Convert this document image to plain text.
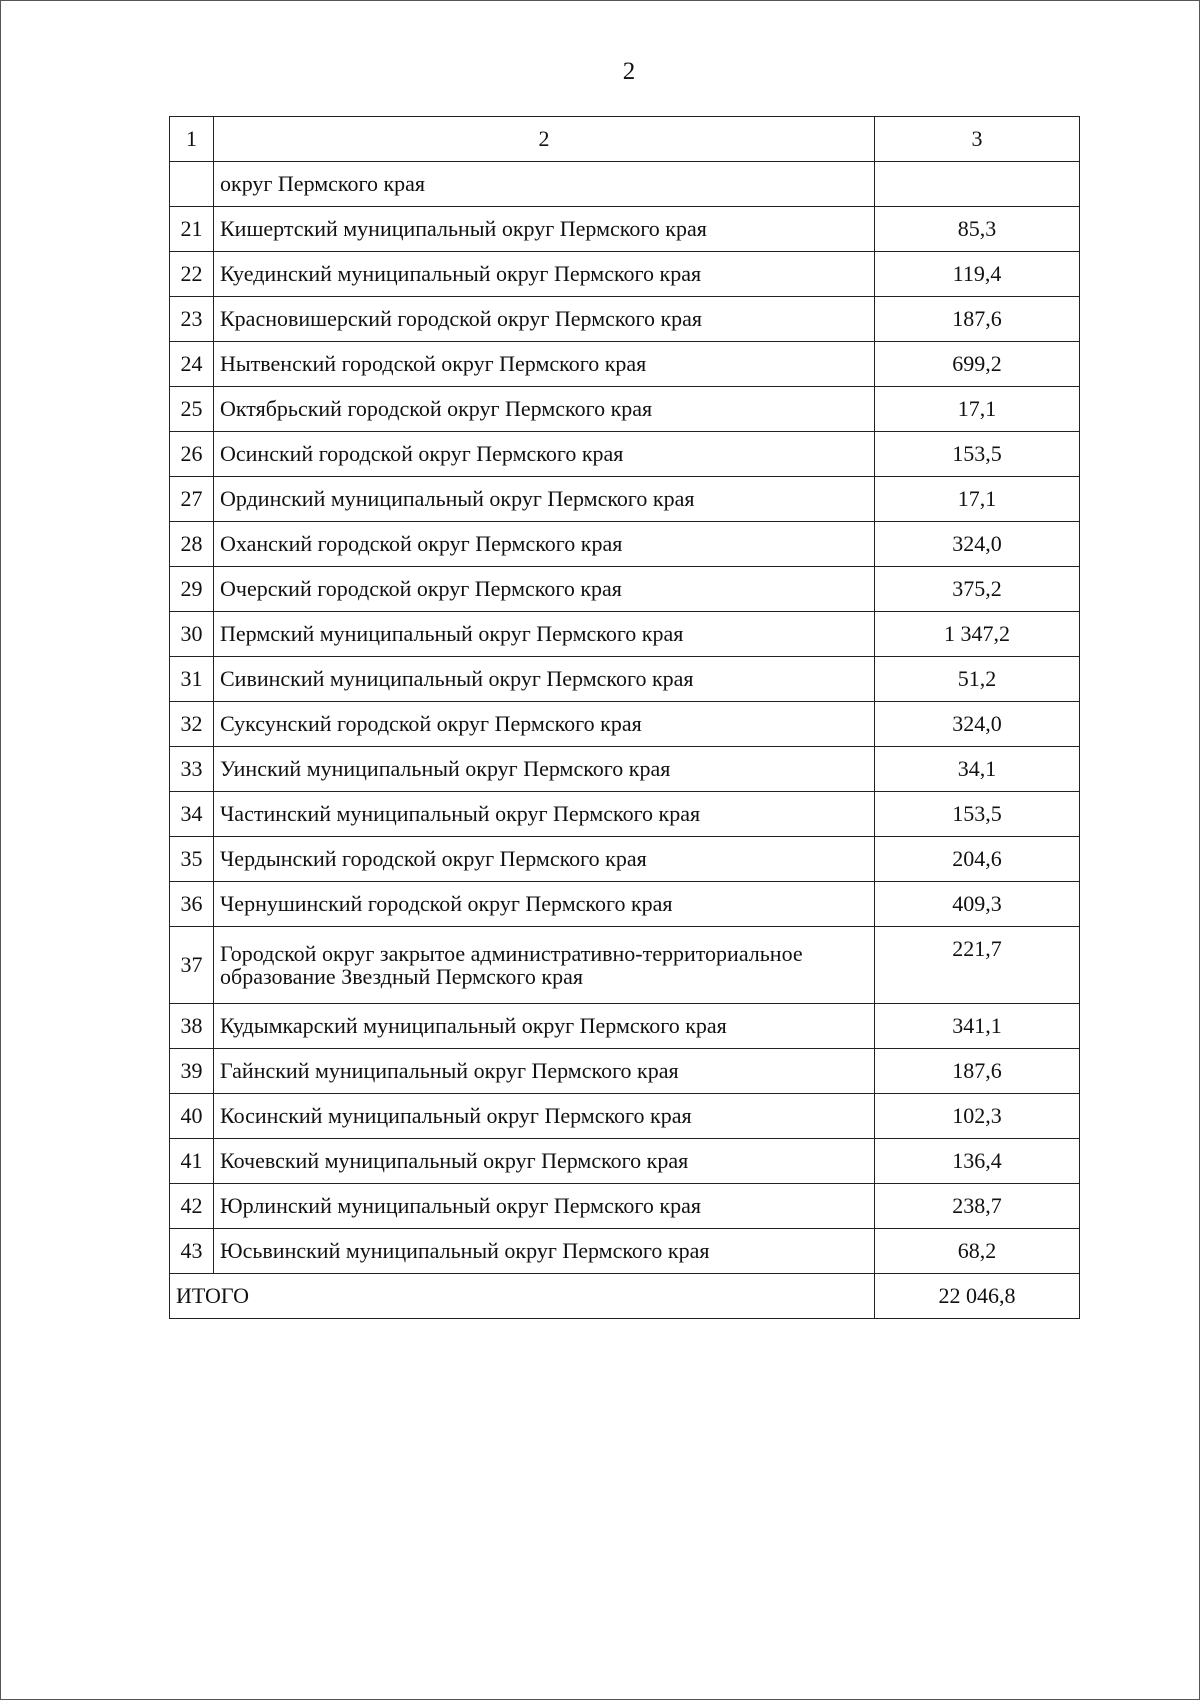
2
1	2	3
	округ Пермского края	
21	Кишертский муниципальный округ Пермского края	85,3
22	Куединский муниципальный округ Пермского края	119,4
23	Красновишерский городской округ Пермского края	187,6
24	Нытвенский городской округ Пермского края	699,2
25	Октябрьский городской округ Пермского края	17,1
26	Осинский городской округ Пермского края	153,5
27	Ординский муниципальный округ Пермского края	17,1
28	Оханский городской округ Пермского края	324,0
29	Очерский городской округ Пермского края	375,2
30	Пермский муниципальный округ Пермского края	1 347,2
31	Сивинский муниципальный округ Пермского края	51,2
32	Суксунский городской округ Пермского края	324,0
33	Уинский муниципальный округ Пермского края	34,1
34	Частинский муниципальный округ Пермского края	153,5
35	Чердынский городской округ Пермского края	204,6
36	Чернушинский городской округ Пермского края	409,3
37	Городской округ закрытое административно-территориальное образование Звездный Пермского края	221,7
38	Кудымкарский муниципальный округ Пермского края	341,1
39	Гайнский муниципальный округ Пермского края	187,6
40	Косинский муниципальный округ Пермского края	102,3
41	Кочевский муниципальный округ Пермского края	136,4
42	Юрлинский муниципальный округ Пермского края	238,7
43	Юсьвинский муниципальный округ Пермского края	68,2
ИТОГО		22 046,8
